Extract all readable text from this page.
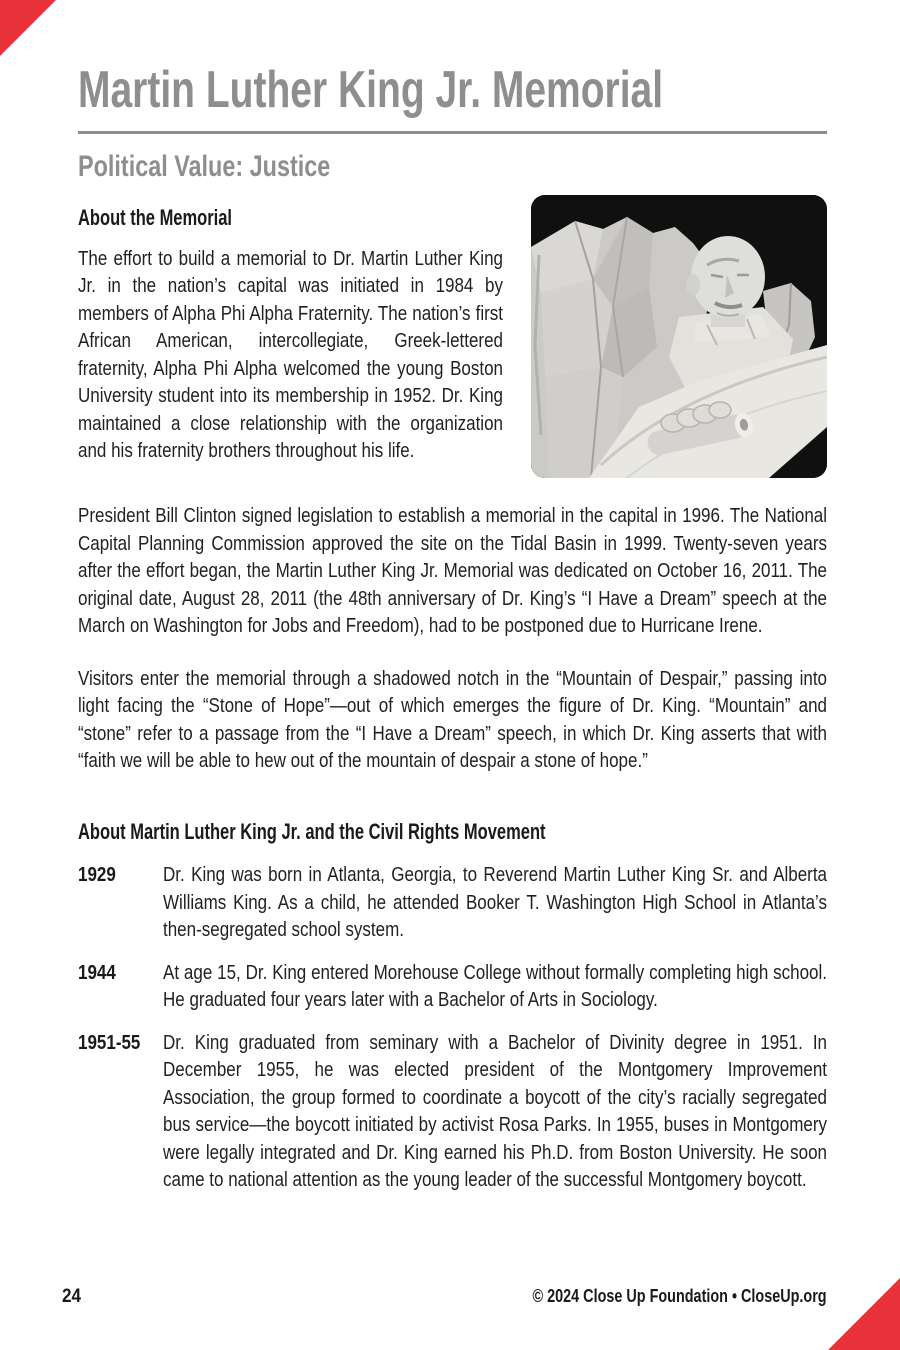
Martin Luther King Jr. Memorial
Political Value: Justice
About the Memorial

The effort to build a memorial to Dr. Martin Luther King Jr. in the nation’s capital was initiated in 1984 by members of Alpha Phi Alpha Fraternity. The nation’s first African American, intercollegiate, Greek-lettered fraternity, Alpha Phi Alpha welcomed the young Boston University student into its membership in 1952. Dr. King maintained a close relationship with the organization and his fraternity brothers throughout his life.

President Bill Clinton signed legislation to establish a memorial in the capital in 1996. The National Capital Planning Commission approved the site on the Tidal Basin in 1999. Twenty-seven years after the effort began, the Martin Luther King Jr. Memorial was dedicated on October 16, 2011. The original date, August 28, 2011 (the 48th anniversary of Dr. King’s “I Have a Dream” speech at the March on Washington for Jobs and Freedom), had to be postponed due to Hurricane Irene.

Visitors enter the memorial through a shadowed notch in the “Mountain of Despair,” passing into light facing the “Stone of Hope”—out of which emerges the figure of Dr. King. “Mountain” and “stone” refer to a passage from the “I Have a Dream” speech, in which Dr. King asserts that with “faith we will be able to hew out of the mountain of despair a stone of hope.”

About Martin Luther King Jr. and the Civil Rights Movement
1929	Dr. King was born in Atlanta, Georgia, to Reverend Martin Luther King Sr. and Alberta Williams King. As a child, he attended Booker T. Washington High School in Atlanta’s then-segregated school system.

1944	At age 15, Dr. King entered Morehouse College without formally completing high school. He graduated four years later with a Bachelor of Arts in Sociology.

1951-55	Dr. King graduated from seminary with a Bachelor of Divinity degree in 1951. In December 1955, he was elected president of the Montgomery Improvement Association, the group formed to coordinate a boycott of the city’s racially segregated bus service—the boycott initiated by activist Rosa Parks. In 1955, buses in Montgomery were legally integrated and Dr. King earned his Ph.D. from Boston University. He soon came to national attention as the young leader of the successful Montgomery boycott.

24	© 2024 Close Up Foundation • CloseUp.org
